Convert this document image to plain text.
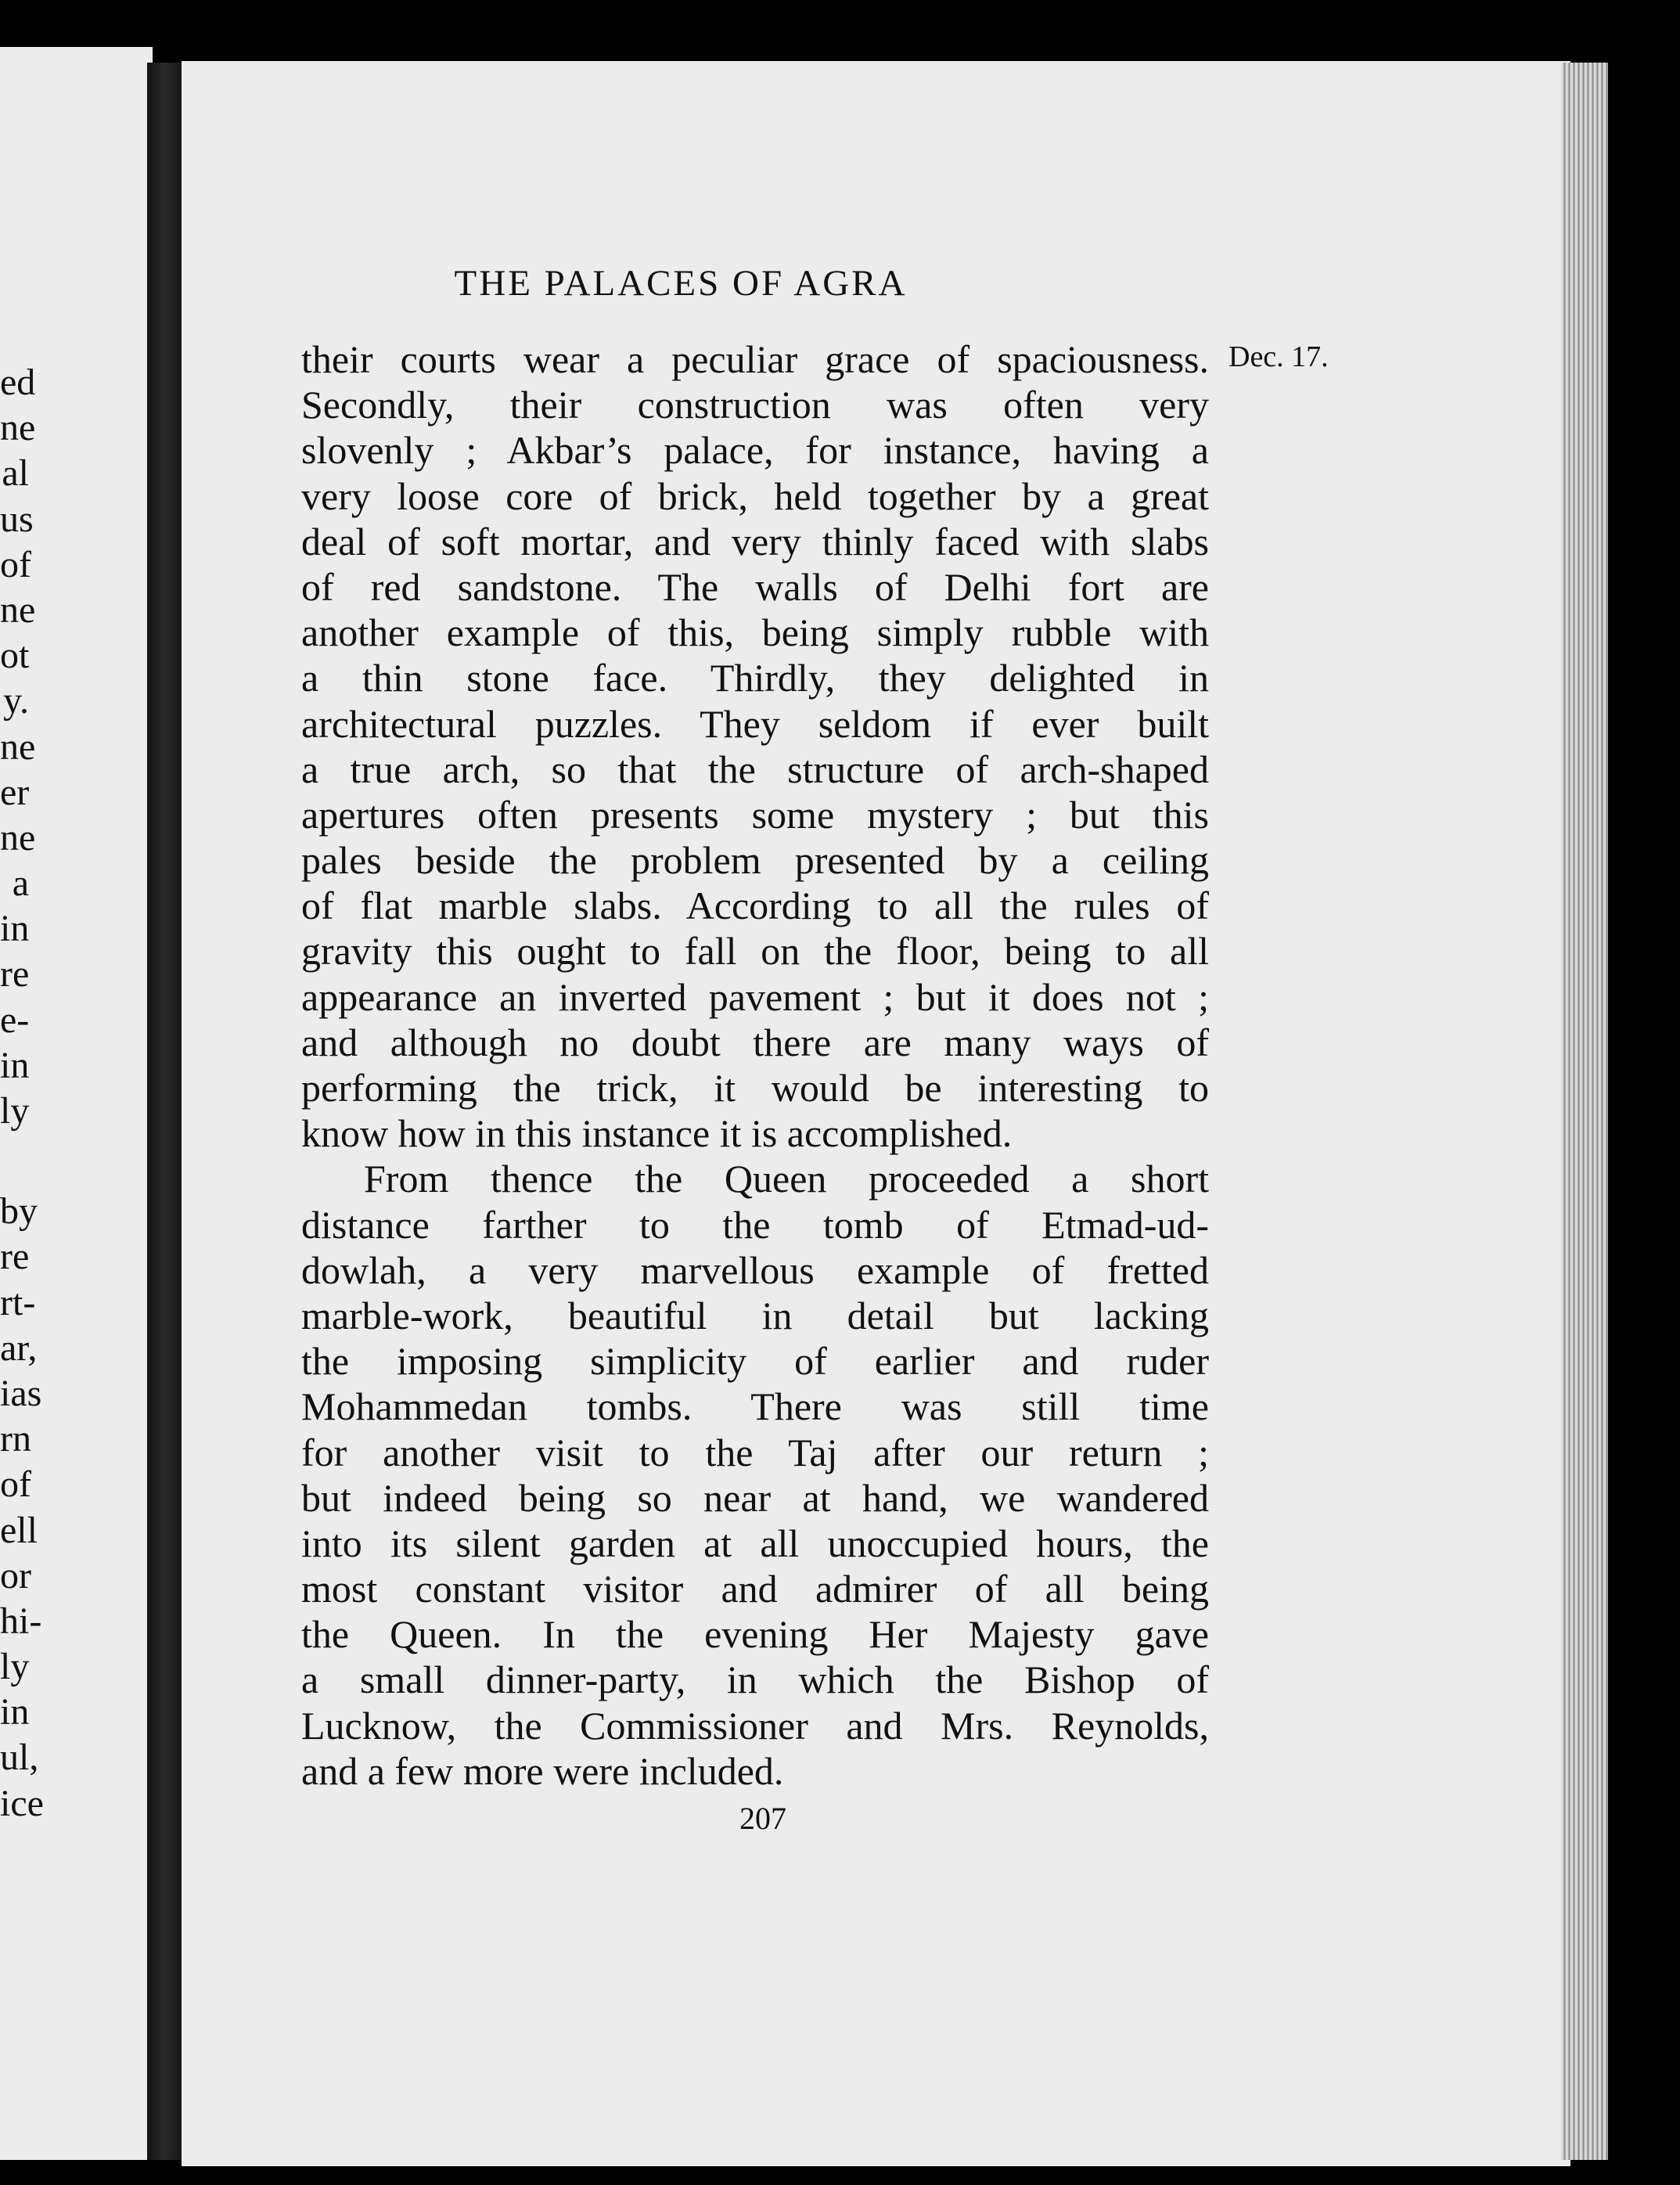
ed
ne
al
us
of
ne
ot
y.
ne
er
ne
a
in
re
e-
in
ly
by
re
rt-
ar,
ias
rn
of
ell
or
hi-
ly
in
ul,
ice
THE PALACES OF AGRA
Dec. 17.
their courts wear a peculiar grace of spaciousness.
Secondly, their construction was often very
slovenly ; Akbar’s palace, for instance, having a
very loose core of brick, held together by a great
deal of soft mortar, and very thinly faced with slabs
of red sandstone. The walls of Delhi fort are
another example of this, being simply rubble with
a thin stone face. Thirdly, they delighted in
architectural puzzles. They seldom if ever built
a true arch, so that the structure of arch-shaped
apertures often presents some mystery ; but this
pales beside the problem presented by a ceiling
of flat marble slabs. According to all the rules of
gravity this ought to fall on the floor, being to all
appearance an inverted pavement ; but it does not ;
and although no doubt there are many ways of
performing the trick, it would be interesting to
know how in this instance it is accomplished.
From thence the Queen proceeded a short
distance farther to the tomb of Etmad-ud-
dowlah, a very marvellous example of fretted
marble-work, beautiful in detail but lacking
the imposing simplicity of earlier and ruder
Mohammedan tombs. There was still time
for another visit to the Taj after our return ;
but indeed being so near at hand, we wandered
into its silent garden at all unoccupied hours, the
most constant visitor and admirer of all being
the Queen. In the evening Her Majesty gave
a small dinner-party, in which the Bishop of
Lucknow, the Commissioner and Mrs. Reynolds,
and a few more were included.
207
